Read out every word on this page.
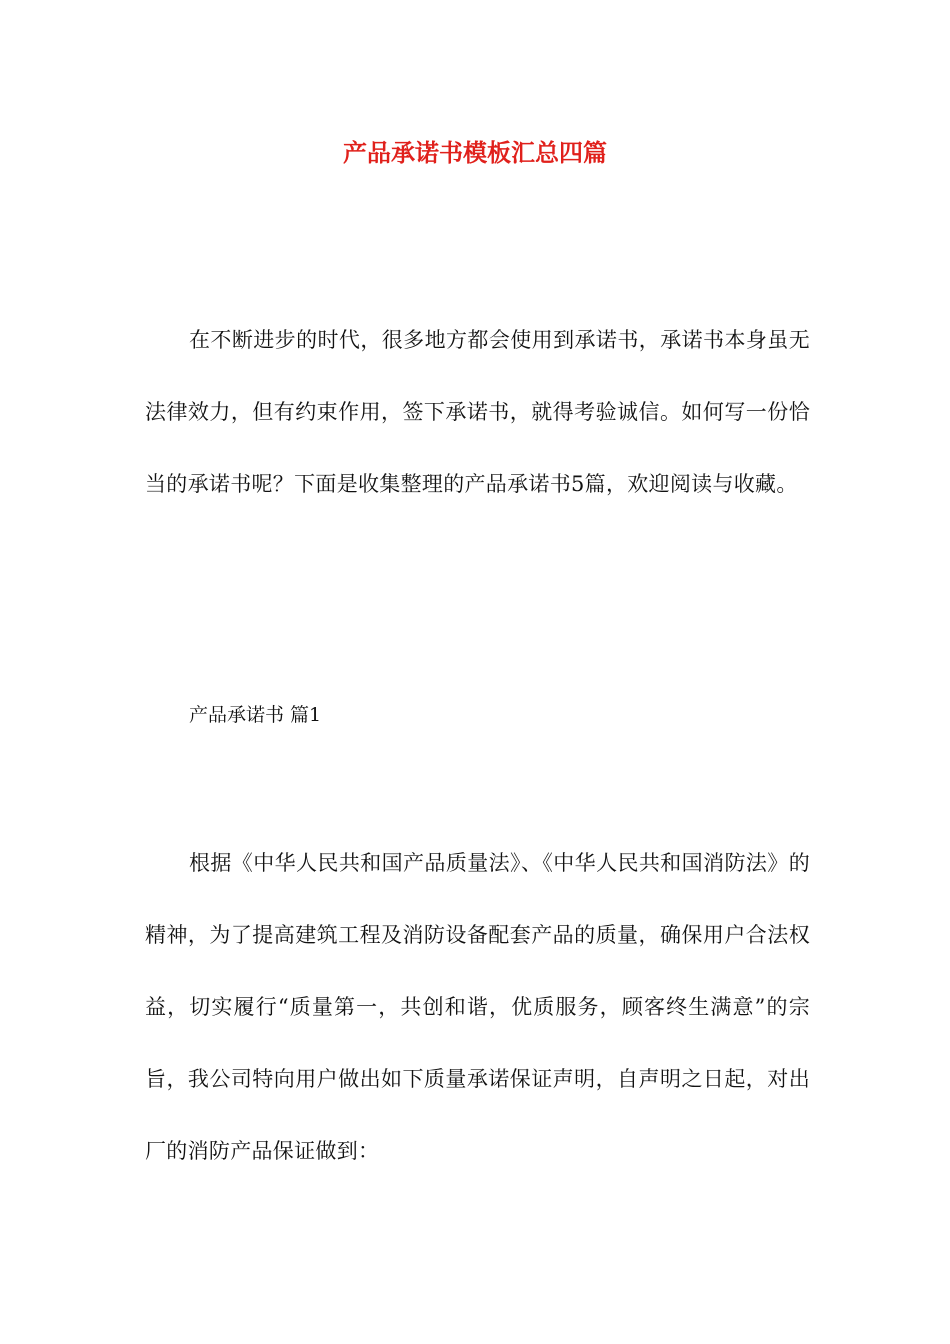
产品承诺书模板汇总四篇
在不断进步的时代，很多地方都会使用到承诺书，承诺书本身虽无法律效力，但有约束作用，签下承诺书，就得考验诚信。如何写一份恰当的承诺书呢？下面是收集整理的产品承诺书5篇，欢迎阅读与收藏。
产品承诺书 篇1
根据《中华人民共和国产品质量法》、《中华人民共和国消防法》的精神，为了提高建筑工程及消防设备配套产品的质量，确保用户合法权益，切实履行“质量第一，共创和谐，优质服务，顾客终生满意”的宗旨，我公司特向用户做出如下质量承诺保证声明，自声明之日起，对出厂的消防产品保证做到：
